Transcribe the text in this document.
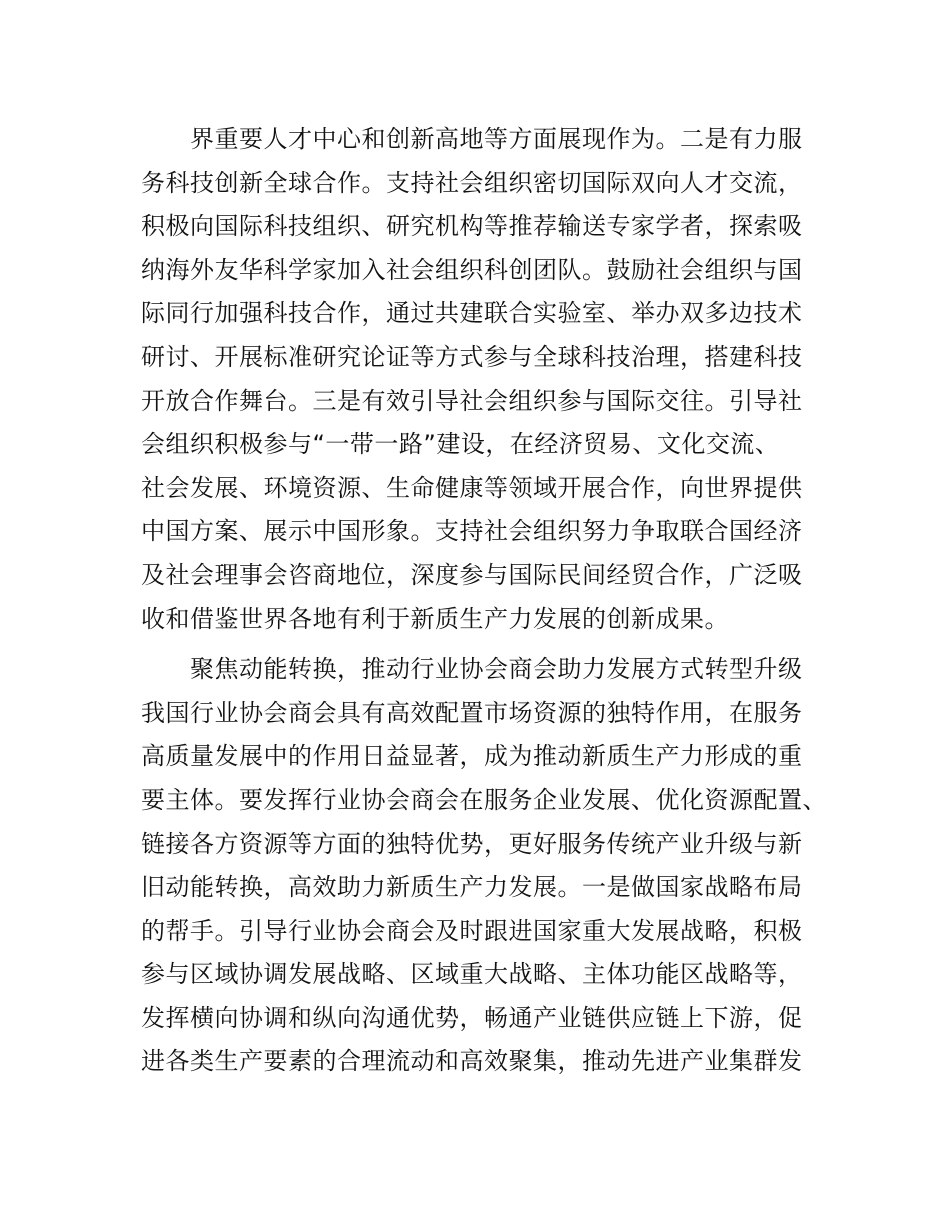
　　界重要人才中心和创新高地等方面展现作为。二是有力服
务科技创新全球合作。支持社会组织密切国际双向人才交流，
积极向国际科技组织、研究机构等推荐输送专家学者，探索吸
纳海外友华科学家加入社会组织科创团队。鼓励社会组织与国
际同行加强科技合作，通过共建联合实验室、举办双多边技术
研讨、开展标准研究论证等方式参与全球科技治理，搭建科技
开放合作舞台。三是有效引导社会组织参与国际交往。引导社
会组织积极参与“一带一路”建设，在经济贸易、文化交流、
社会发展、环境资源、生命健康等领域开展合作，向世界提供
中国方案、展示中国形象。支持社会组织努力争取联合国经济
及社会理事会咨商地位，深度参与国际民间经贸合作，广泛吸
收和借鉴世界各地有利于新质生产力发展的创新成果。
　　聚焦动能转换，推动行业协会商会助力发展方式转型升级
我国行业协会商会具有高效配置市场资源的独特作用，在服务
高质量发展中的作用日益显著，成为推动新质生产力形成的重
要主体。要发挥行业协会商会在服务企业发展、优化资源配置、
链接各方资源等方面的独特优势，更好服务传统产业升级与新
旧动能转换，高效助力新质生产力发展。一是做国家战略布局
的帮手。引导行业协会商会及时跟进国家重大发展战略，积极
参与区域协调发展战略、区域重大战略、主体功能区战略等，
发挥横向协调和纵向沟通优势，畅通产业链供应链上下游，促
进各类生产要素的合理流动和高效聚集，推动先进产业集群发
